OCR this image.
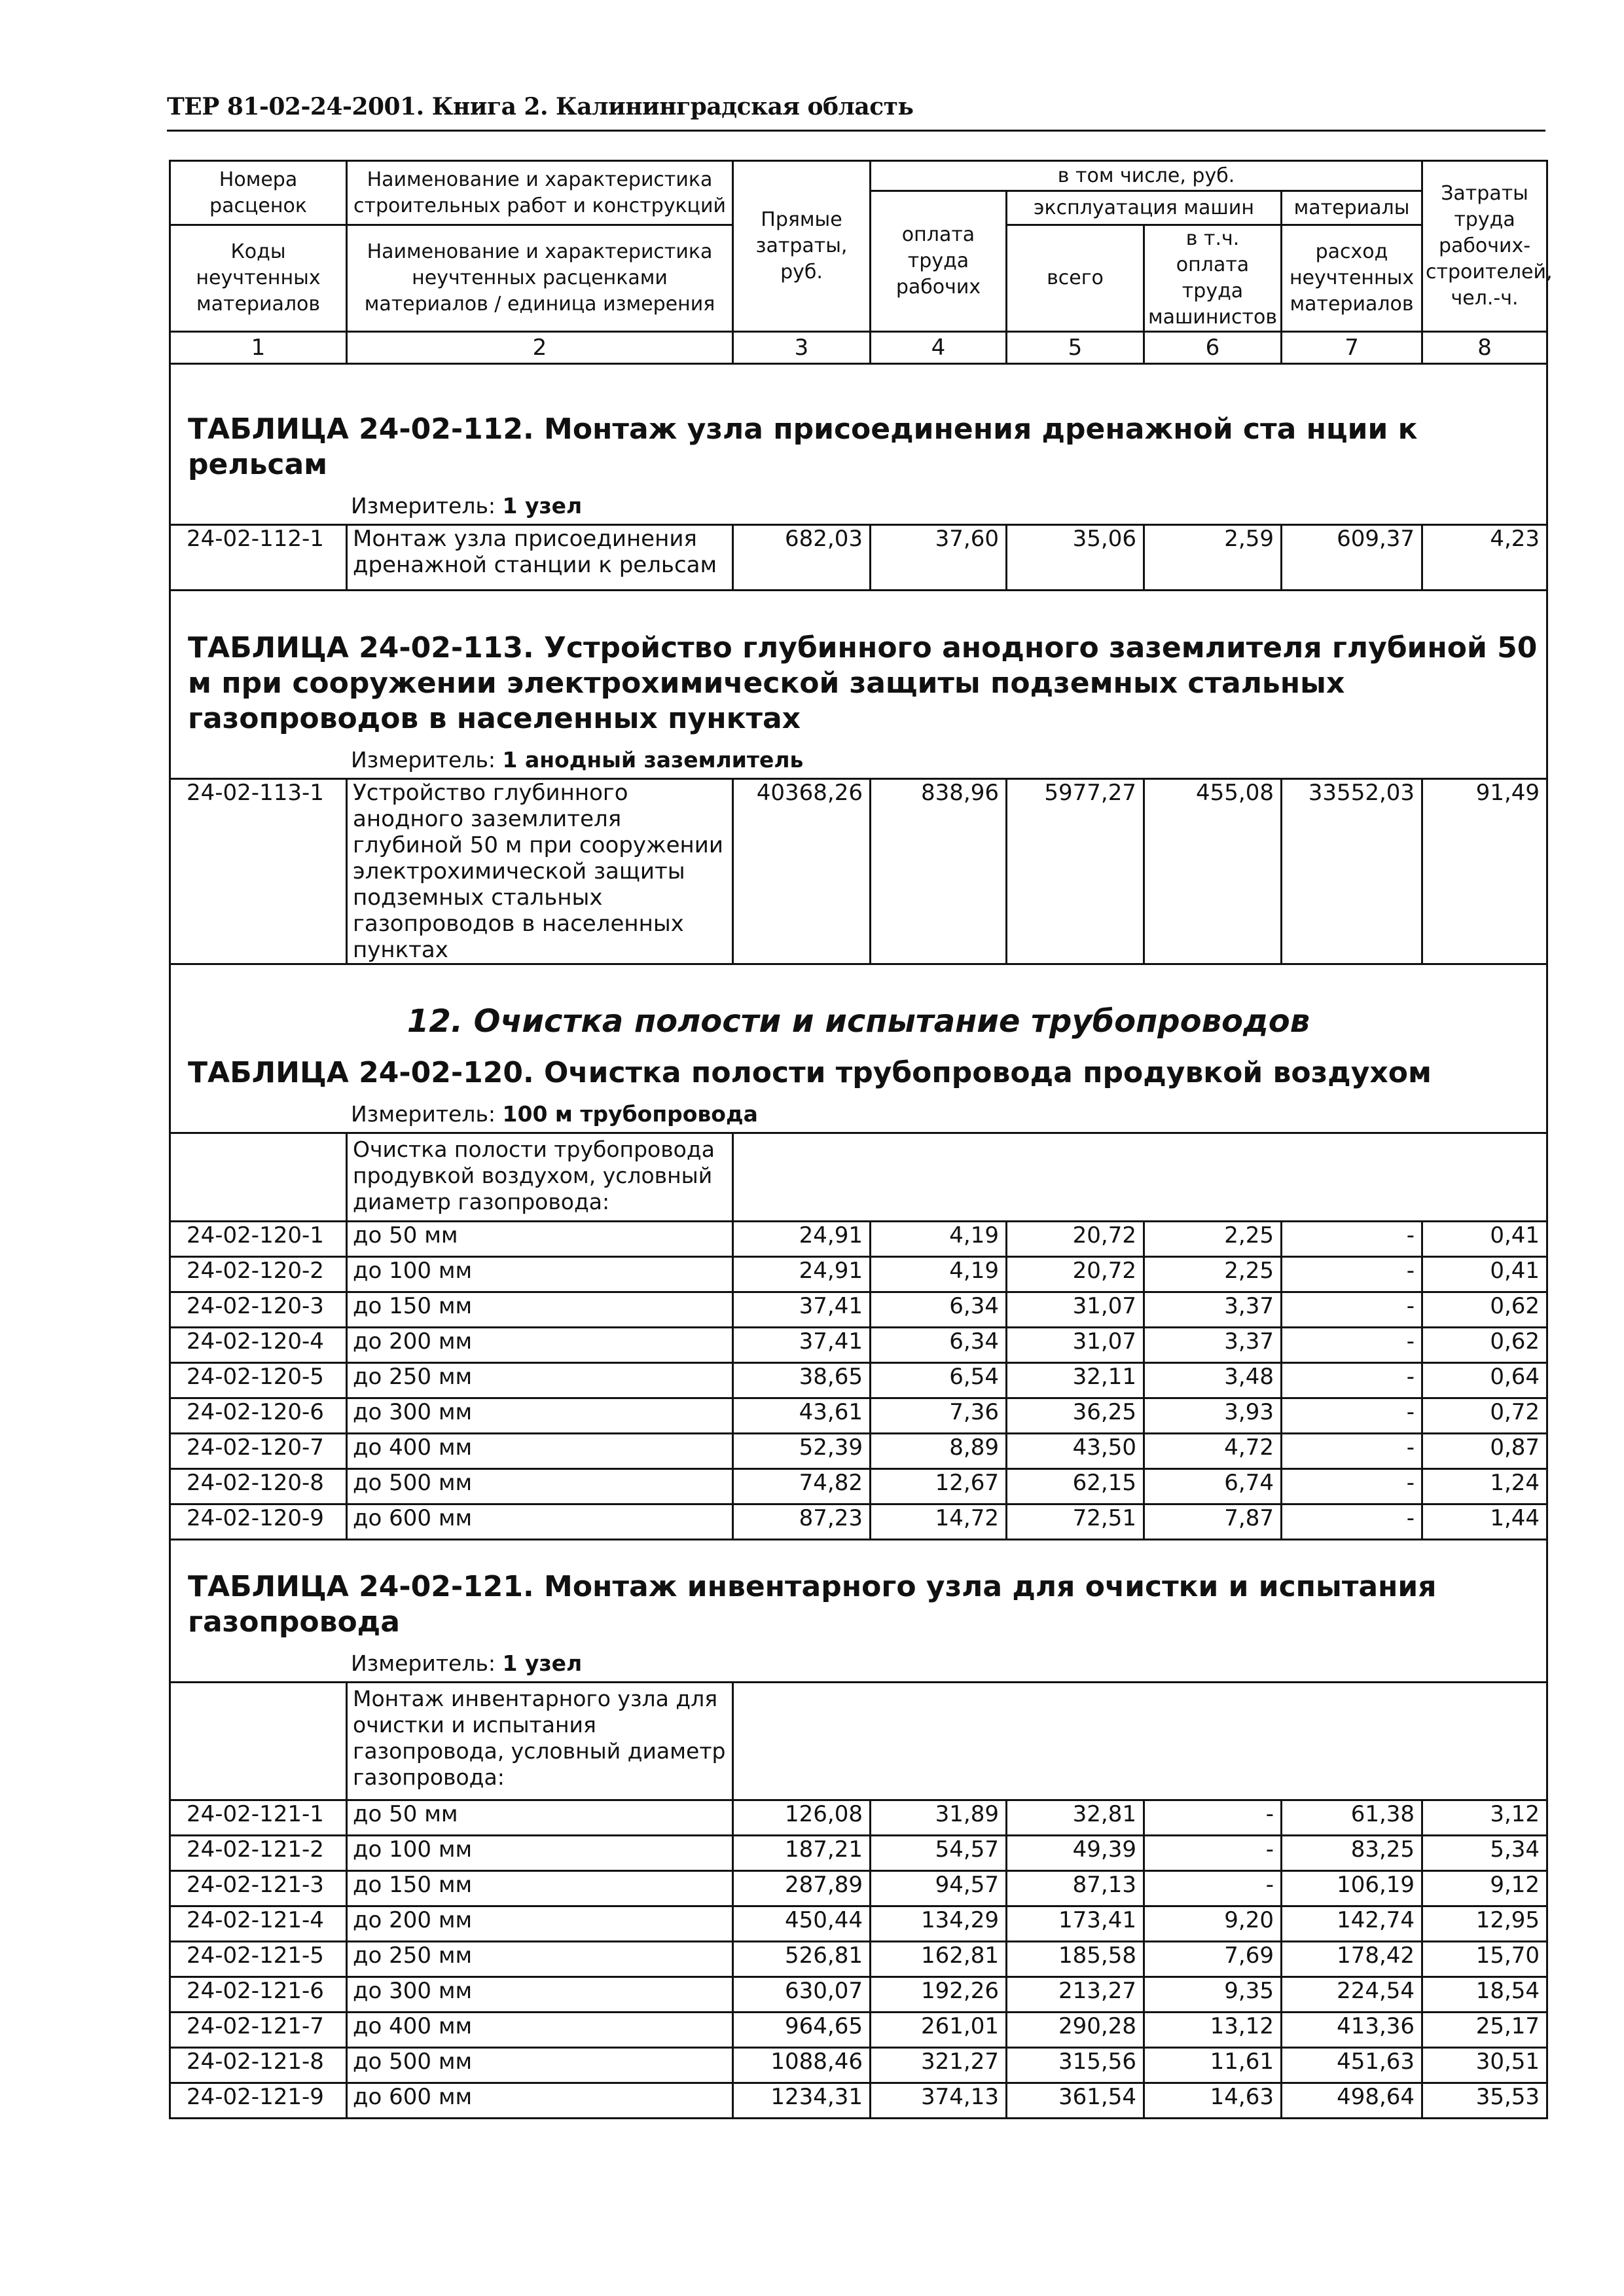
ТЕР 81-02-24-2001. Книга 2. Калининградская область
Номера расценок	Наименование и характеристика строительных работ и конструкций	Прямые затраты, руб.	в том числе, руб.				Затраты труда рабочих-строителей, чел.-ч.
			оплата труда рабочих	эксплуатация машин		материалы	
Коды неучтенных материалов	Наименование и характеристика неучтенных расценками материалов / единица измерения			всего	в т.ч. оплата труда машинистов	расход неучтенных материалов	

1	2	3	4	5	6	7	8

ТАБЛИЦА 24-02-112. Монтаж узла присоединения дренажной ста нции к рельсам
Измеритель: 1 узел							

24-02-112-1	Монтаж узла присоединения дренажной станции к рельсам	682,03	37,60	35,06	2,59	609,37	4,23

ТАБЛИЦА 24-02-113. Устройство глубинного анодного заземлителя глубиной 50 м при сооружении электрохимической защиты подземных стальных газопроводов в населенных пунктах
Измеритель: 1 анодный заземлитель							

24-02-113-1	Устройство глубинного анодного заземлителя глубиной 50 м при сооружении электрохимической защиты подземных стальных газопроводов в населенных пунктах	40368,26	838,96	5977,27	455,08	33552,03	91,49

12. Очистка полости и испытание трубопроводов
ТАБЛИЦА 24-02-120. Очистка полости трубопровода продувкой воздухом
Измеритель: 100 м трубопровода							

	Очистка полости трубопровода продувкой воздухом, условный диаметр газопровода:						
24-02-120-1	до 50 мм	24,91	4,19	20,72	2,25	-	0,41
24-02-120-2	до 100 мм	24,91	4,19	20,72	2,25	-	0,41
24-02-120-3	до 150 мм	37,41	6,34	31,07	3,37	-	0,62
24-02-120-4	до 200 мм	37,41	6,34	31,07	3,37	-	0,62
24-02-120-5	до 250 мм	38,65	6,54	32,11	3,48	-	0,64
24-02-120-6	до 300 мм	43,61	7,36	36,25	3,93	-	0,72
24-02-120-7	до 400 мм	52,39	8,89	43,50	4,72	-	0,87
24-02-120-8	до 500 мм	74,82	12,67	62,15	6,74	-	1,24
24-02-120-9	до 600 мм	87,23	14,72	72,51	7,87	-	1,44

ТАБЛИЦА 24-02-121. Монтаж инвентарного узла для очистки и испытания газопровода
Измеритель: 1 узел							

	Монтаж инвентарного узла для очистки и испытания газопровода, условный диаметр газопровода:						
24-02-121-1	до 50 мм	126,08	31,89	32,81	-	61,38	3,12
24-02-121-2	до 100 мм	187,21	54,57	49,39	-	83,25	5,34
24-02-121-3	до 150 мм	287,89	94,57	87,13	-	106,19	9,12
24-02-121-4	до 200 мм	450,44	134,29	173,41	9,20	142,74	12,95
24-02-121-5	до 250 мм	526,81	162,81	185,58	7,69	178,42	15,70
24-02-121-6	до 300 мм	630,07	192,26	213,27	9,35	224,54	18,54
24-02-121-7	до 400 мм	964,65	261,01	290,28	13,12	413,36	25,17
24-02-121-8	до 500 мм	1088,46	321,27	315,56	11,61	451,63	30,51
24-02-121-9	до 600 мм	1234,31	374,13	361,54	14,63	498,64	35,53
